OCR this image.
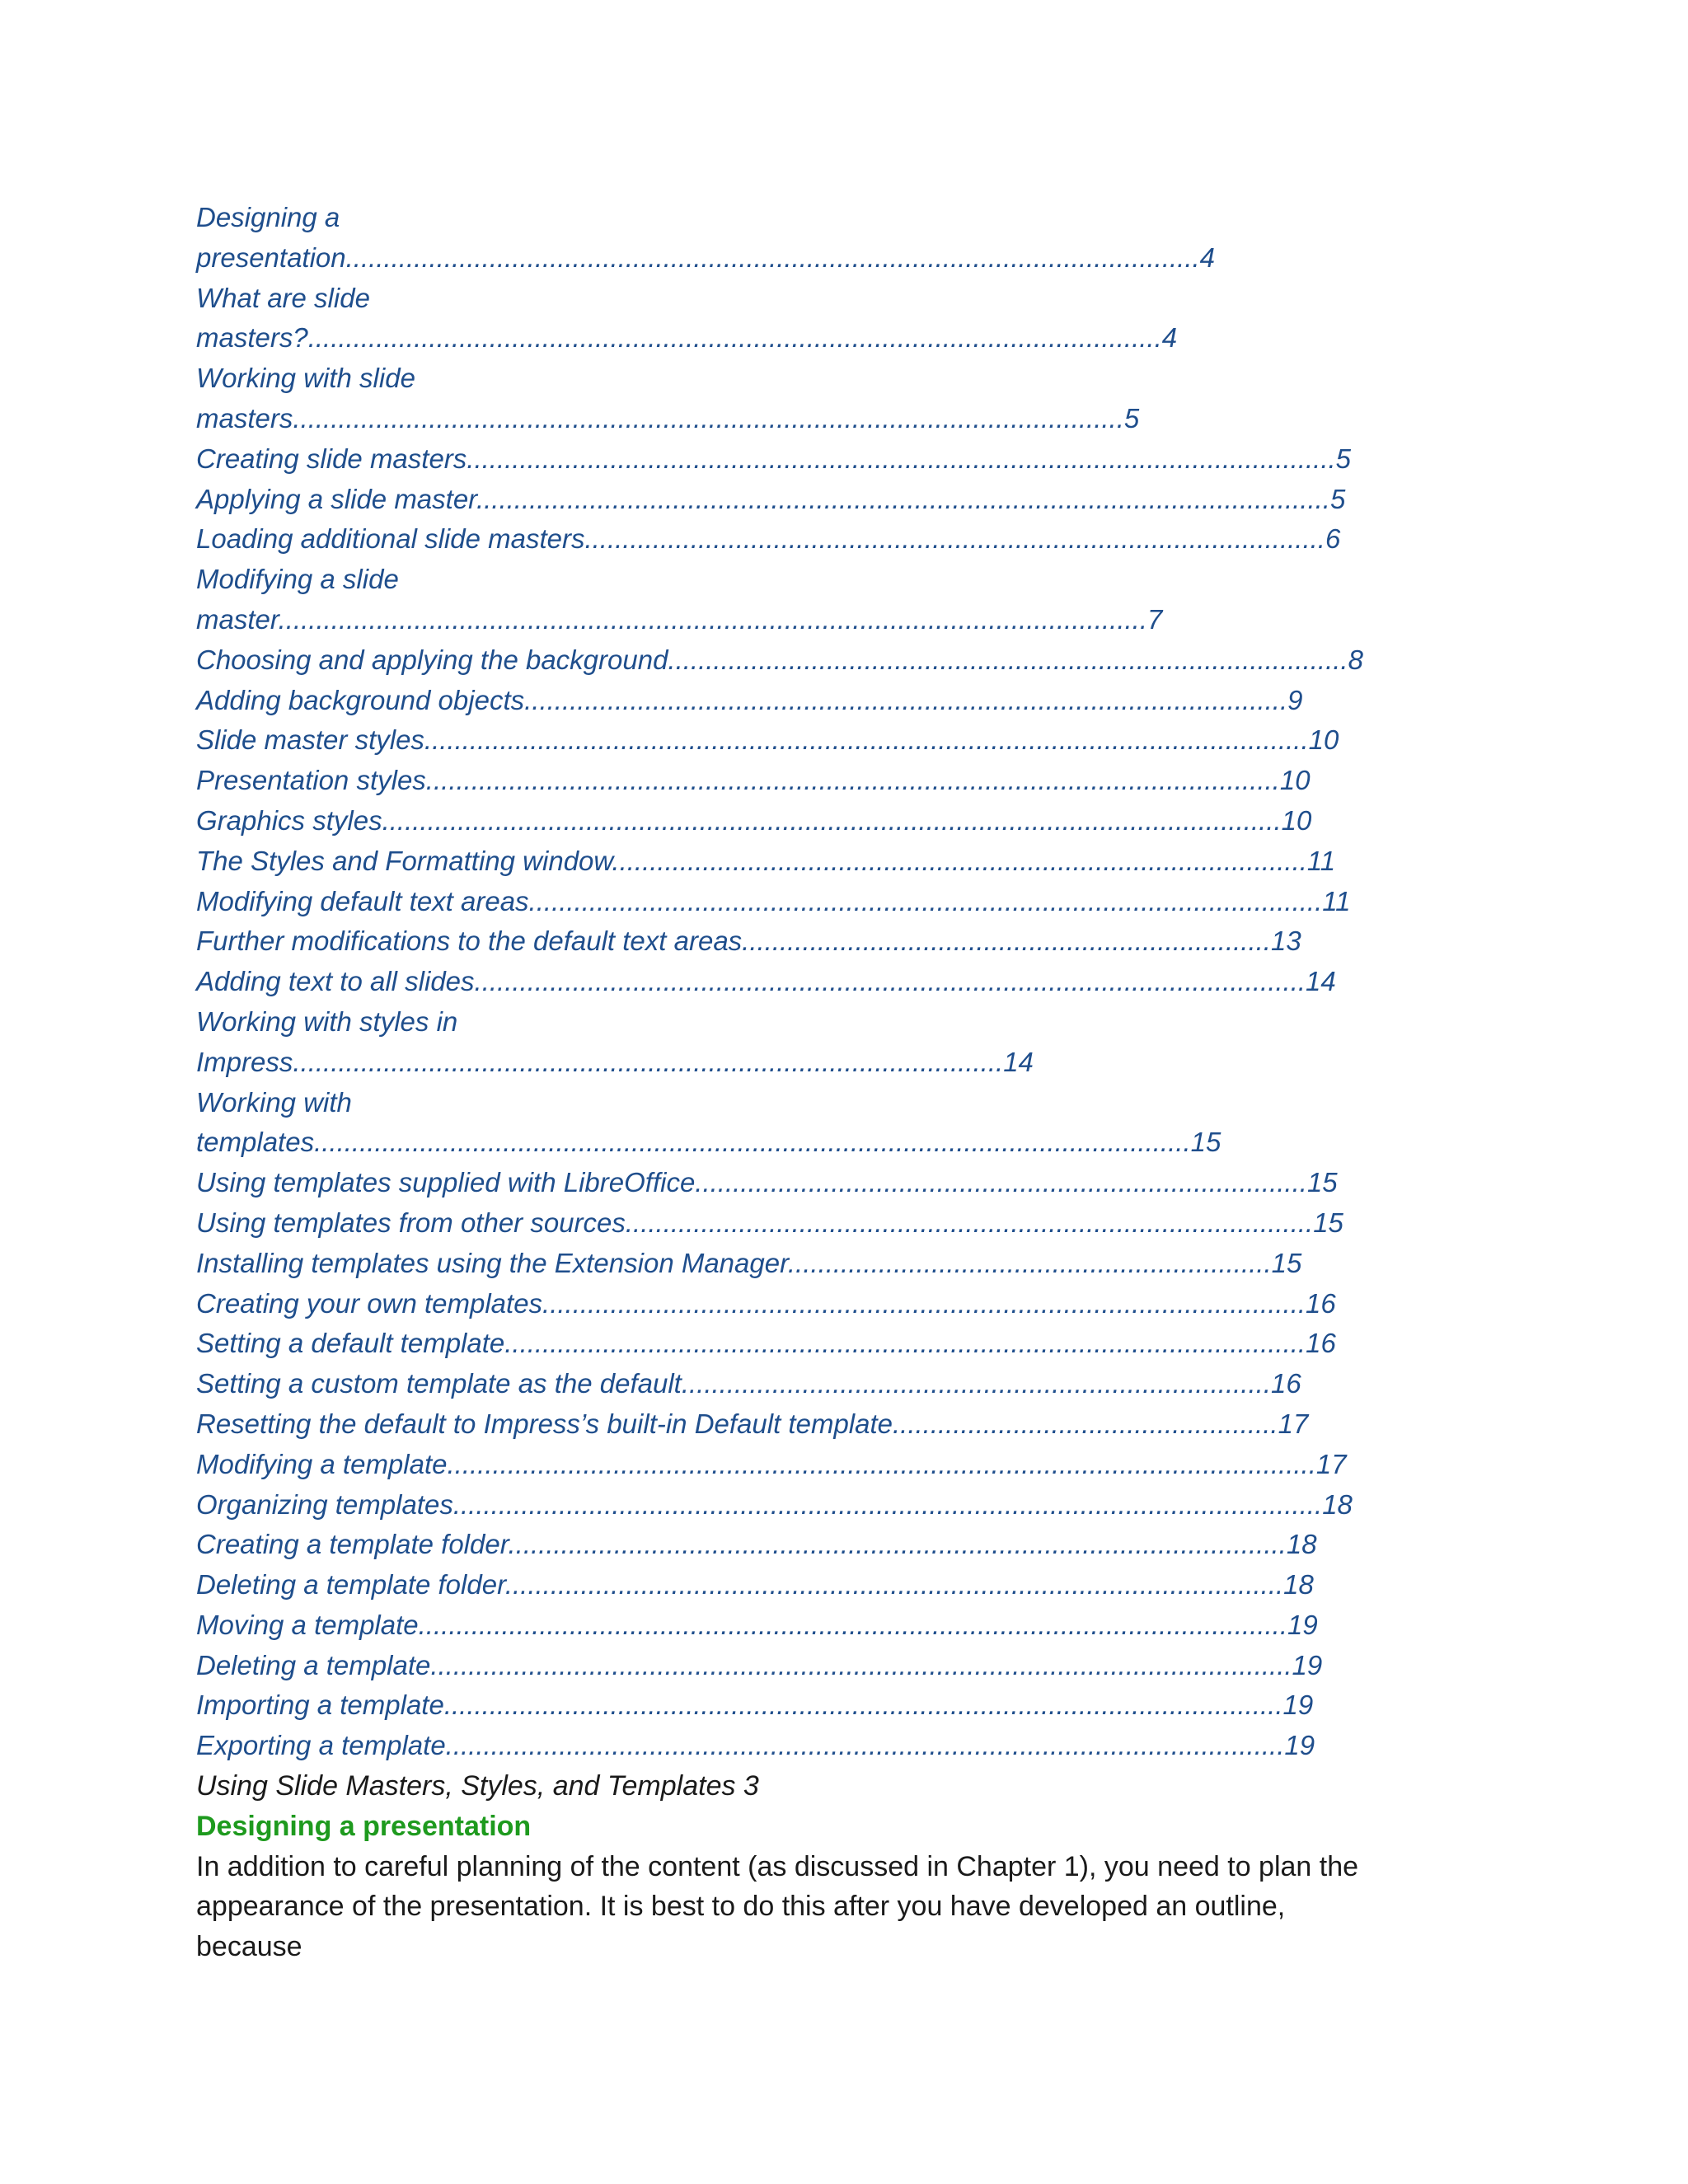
Designing a
presentation.................................................................................................................4
What are slide
masters?.................................................................................................................4
Working with slide
masters..............................................................................................................5
Creating slide masters...................................................................................................................5
Applying a slide master.................................................................................................................5
Loading additional slide masters..................................................................................................6
Modifying a slide
master...................................................................................................................7
Choosing and applying the background..........................................................................................8
Adding background objects.....................................................................................................9
Slide master styles.....................................................................................................................10
Presentation styles.................................................................................................................10
Graphics styles.......................................................................................................................10
The Styles and Formatting window............................................................................................11
Modifying default text areas.........................................................................................................11
Further modifications to the default text areas......................................................................13
Adding text to all slides..............................................................................................................14
Working with styles in
Impress..............................................................................................14
Working with
templates....................................................................................................................15
Using templates supplied with LibreOffice.................................................................................15
Using templates from other sources...........................................................................................15
Installing templates using the Extension Manager................................................................15
Creating your own templates.....................................................................................................16
Setting a default template..........................................................................................................16
Setting a custom template as the default..............................................................................16
Resetting the default to Impress’s built-in Default template...................................................17
Modifying a template...................................................................................................................17
Organizing templates...................................................................................................................18
Creating a template folder.......................................................................................................18
Deleting a template folder.......................................................................................................18
Moving a template...................................................................................................................19
Deleting a template..................................................................................................................19
Importing a template...............................................................................................................19
Exporting a template...............................................................................................................19
Using Slide Masters, Styles, and Templates 3
Designing a presentation
In addition to careful planning of the content (as discussed in Chapter 1), you need to plan the
appearance of the presentation. It is best to do this after you have developed an outline,
because
